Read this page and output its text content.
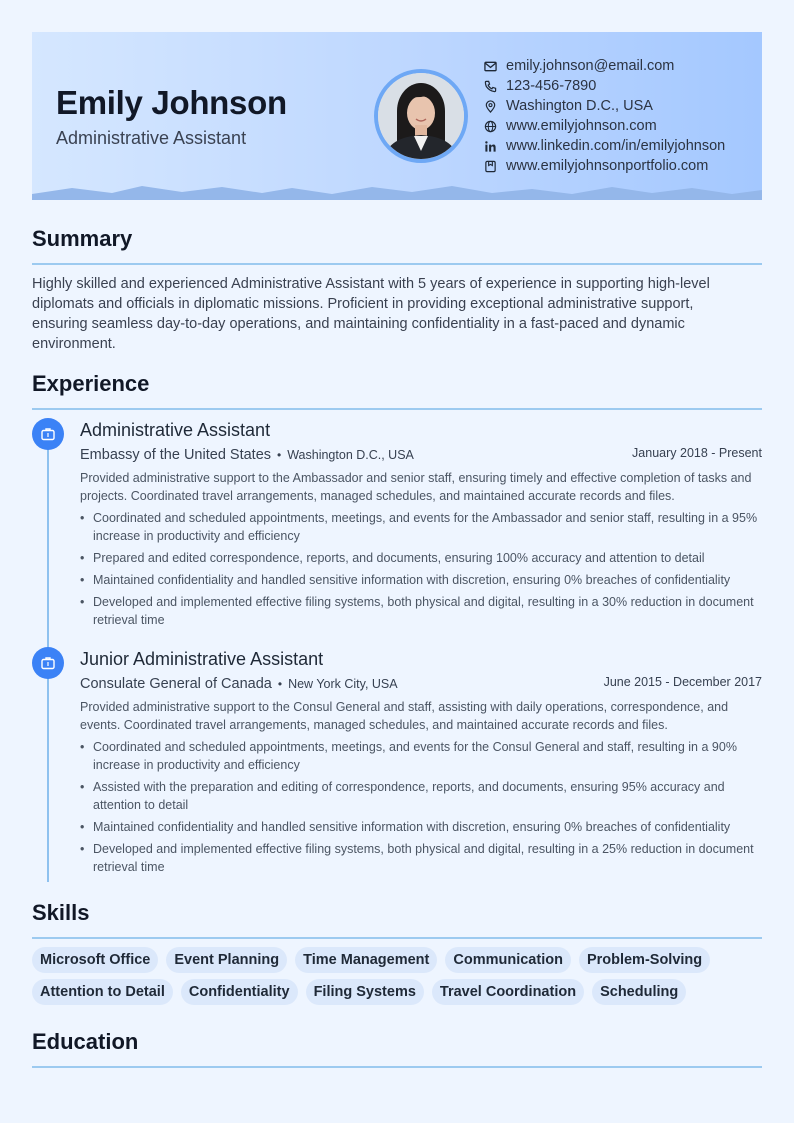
Emily Johnson
Administrative Assistant
emily.johnson@email.com
123-456-7890
Washington D.C., USA
www.emilyjohnson.com
www.linkedin.com/in/emilyjohnson
www.emilyjohnsonportfolio.com
Summary
Highly skilled and experienced Administrative Assistant with 5 years of experience in supporting high-level diplomats and officials in diplomatic missions. Proficient in providing exceptional administrative support, ensuring seamless day-to-day operations, and maintaining confidentiality in a fast-paced and dynamic environment.
Experience
Administrative Assistant
Embassy of the United States • Washington D.C., USA	January 2018 - Present
Provided administrative support to the Ambassador and senior staff, ensuring timely and effective completion of tasks and projects. Coordinated travel arrangements, managed schedules, and maintained accurate records and files.
• Coordinated and scheduled appointments, meetings, and events for the Ambassador and senior staff, resulting in a 95% increase in productivity and efficiency
• Prepared and edited correspondence, reports, and documents, ensuring 100% accuracy and attention to detail
• Maintained confidentiality and handled sensitive information with discretion, ensuring 0% breaches of confidentiality
• Developed and implemented effective filing systems, both physical and digital, resulting in a 30% reduction in document retrieval time
Junior Administrative Assistant
Consulate General of Canada • New York City, USA	June 2015 - December 2017
Provided administrative support to the Consul General and staff, assisting with daily operations, correspondence, and events. Coordinated travel arrangements, managed schedules, and maintained accurate records and files.
• Coordinated and scheduled appointments, meetings, and events for the Consul General and staff, resulting in a 90% increase in productivity and efficiency
• Assisted with the preparation and editing of correspondence, reports, and documents, ensuring 95% accuracy and attention to detail
• Maintained confidentiality and handled sensitive information with discretion, ensuring 0% breaches of confidentiality
• Developed and implemented effective filing systems, both physical and digital, resulting in a 25% reduction in document retrieval time
Skills
Microsoft Office	Event Planning	Time Management	Communication	Problem-Solving
Attention to Detail	Confidentiality	Filing Systems	Travel Coordination	Scheduling
Education
